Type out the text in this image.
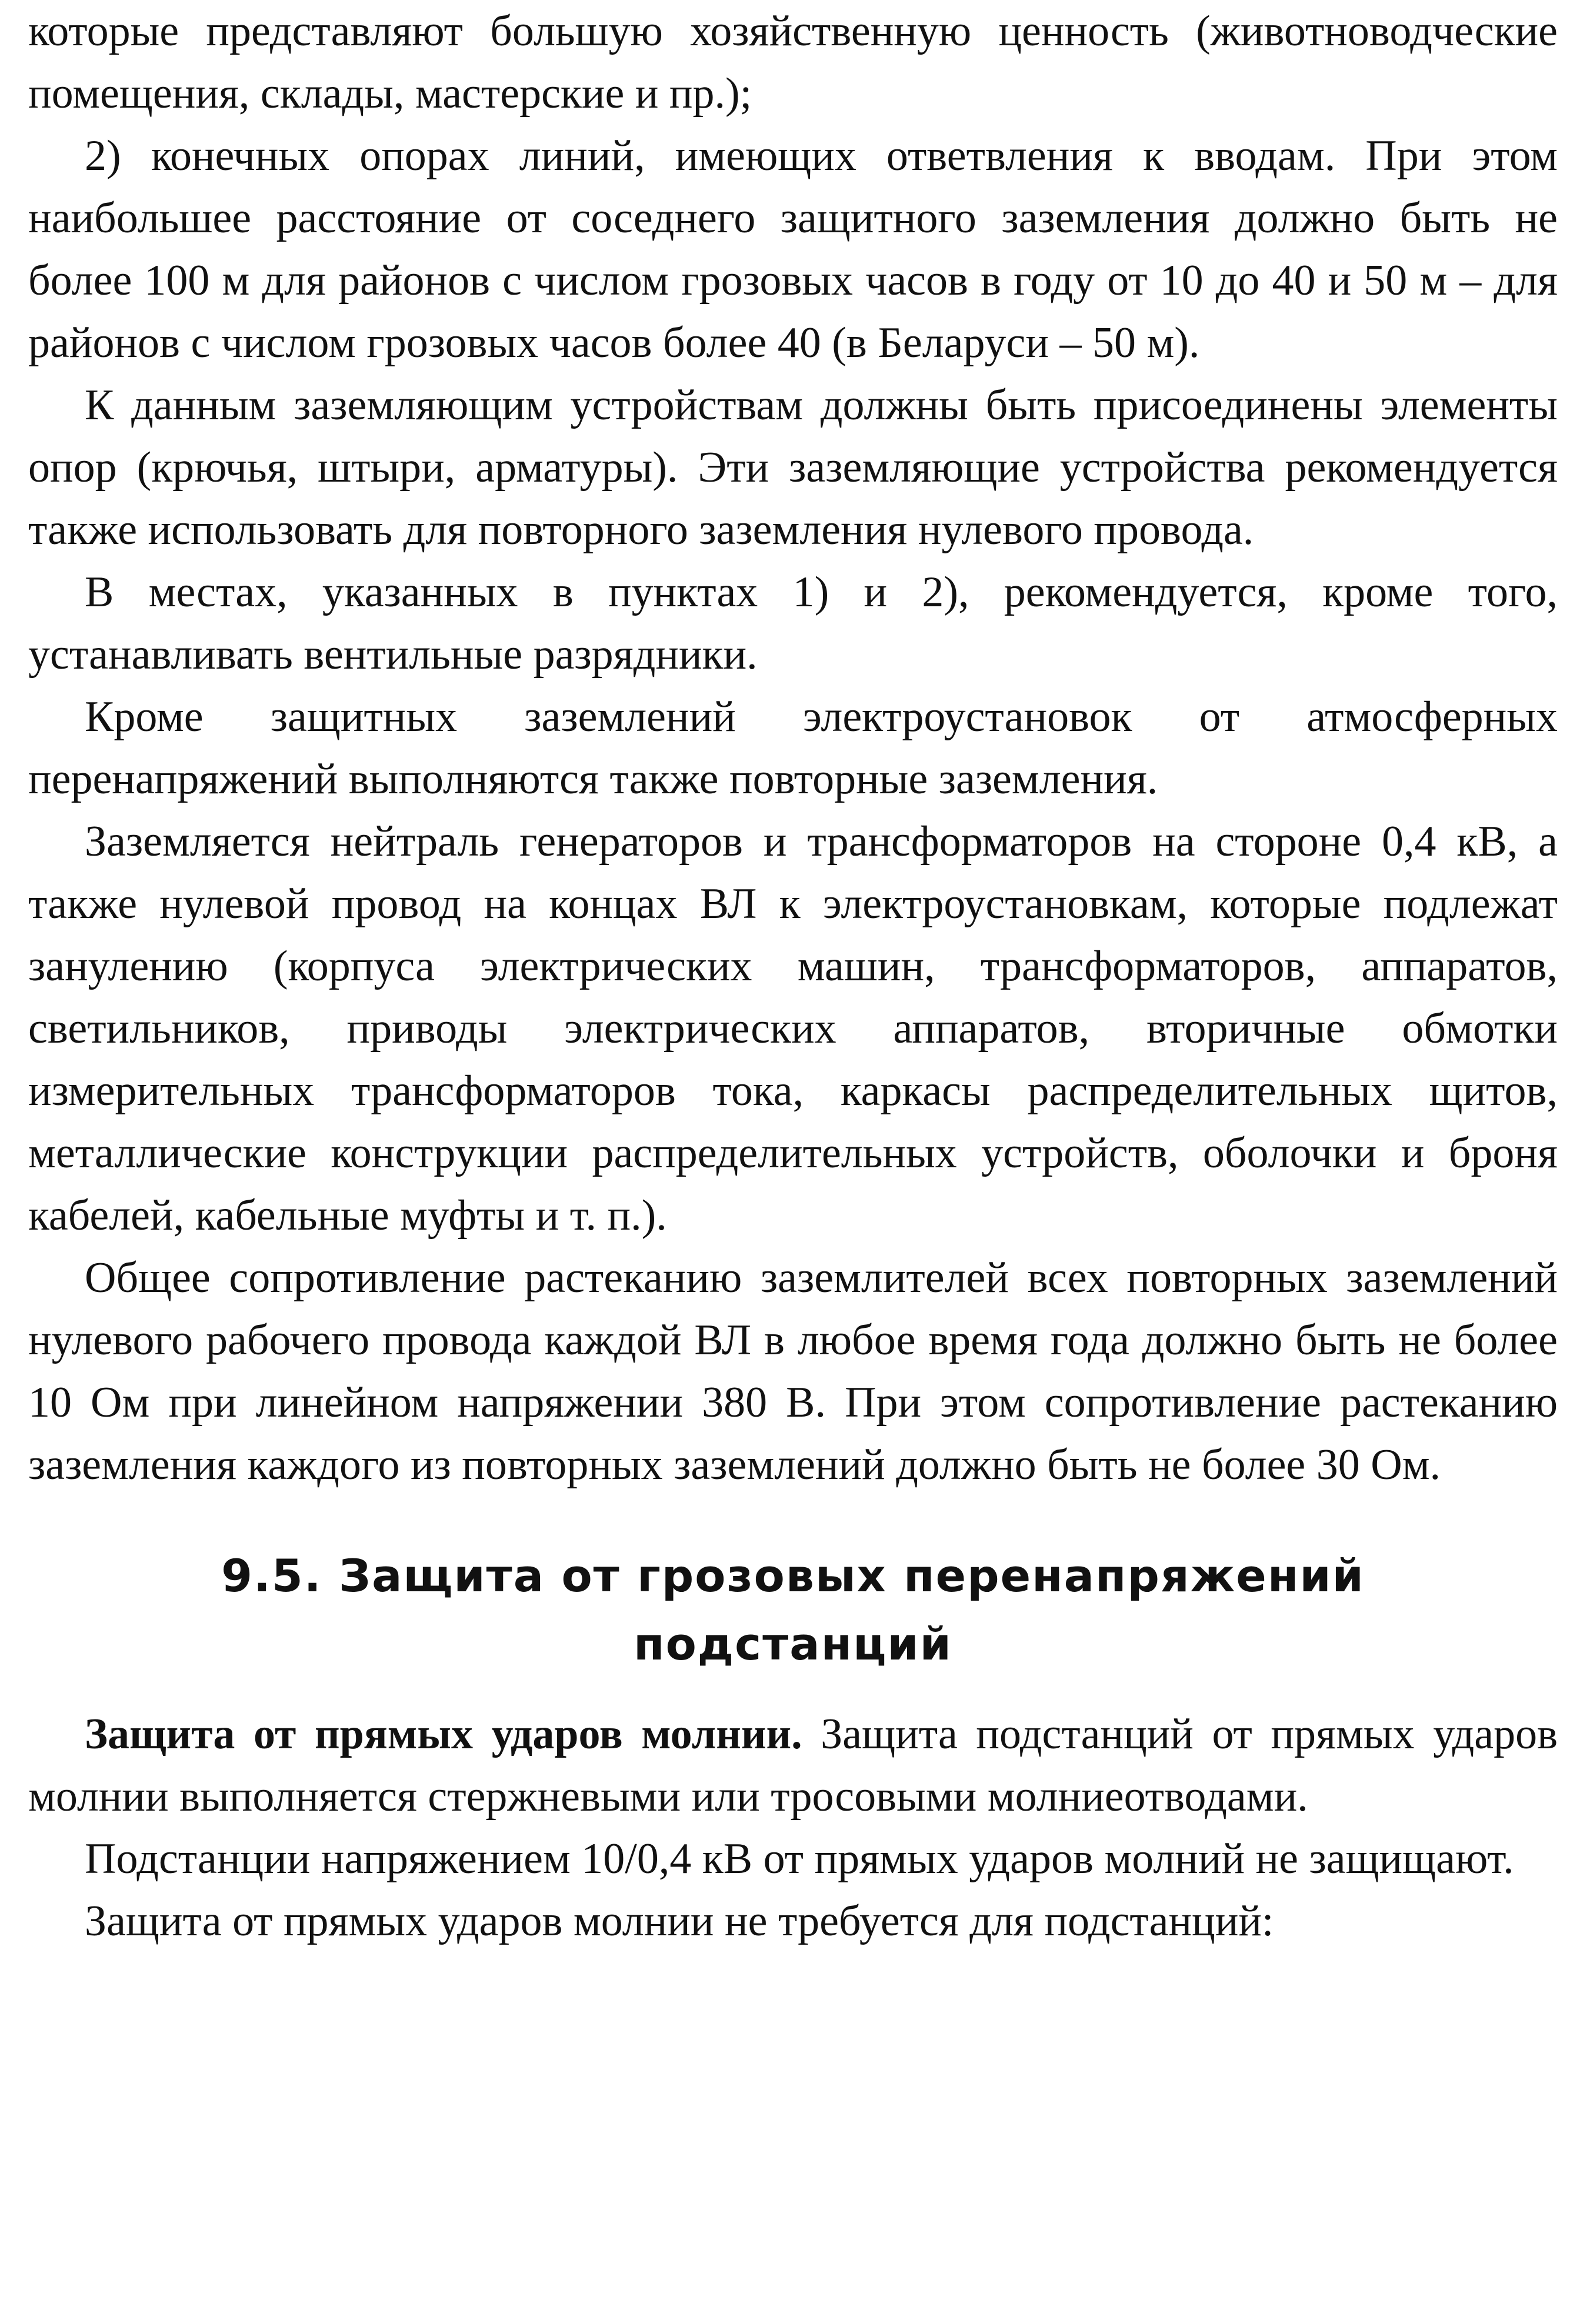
которые представляют большую хозяйственную ценность (животноводческие помещения, склады, мастерские и пр.);

2) конечных опорах линий, имеющих ответвления к вводам. При этом наибольшее расстояние от соседнего защитного заземления должно быть не более 100 м для районов с числом грозовых часов в году от 10 до 40 и 50 м – для районов с числом грозовых часов более 40 (в Беларуси – 50 м).

К данным заземляющим устройствам должны быть присоединены элементы опор (крючья, штыри, арматуры). Эти заземляющие устройства рекомендуется также использовать для повторного заземления нулевого провода.

В местах, указанных в пунктах 1) и 2), рекомендуется, кроме того, устанавливать вентильные разрядники.

Кроме защитных заземлений электроустановок от атмосферных перенапряжений выполняются также повторные заземления.

Заземляется нейтраль генераторов и трансформаторов на стороне 0,4 кВ, а также нулевой провод на концах ВЛ к электроустановкам, которые подлежат занулению (корпуса электрических машин, трансформаторов, аппаратов, светильников, приводы электрических аппаратов, вторичные обмотки измерительных трансформаторов тока, каркасы распределительных щитов, металлические конструкции распределительных устройств, оболочки и броня кабелей, кабельные муфты и т. п.).

Общее сопротивление растеканию заземлителей всех повторных заземлений нулевого рабочего провода каждой ВЛ в любое время года должно быть не более 10 Ом при линейном напряжении 380 В. При этом сопротивление растеканию заземления каждого из повторных заземлений должно быть не более 30 Ом.

9.5. Защита от грозовых перенапряжений подстанций

Защита от прямых ударов молнии. Защита подстанций от прямых ударов молнии выполняется стержневыми или тросовыми молниеотводами.

Подстанции напряжением 10/0,4 кВ от прямых ударов молний не защищают.

Защита от прямых ударов молнии не требуется для подстанций:
